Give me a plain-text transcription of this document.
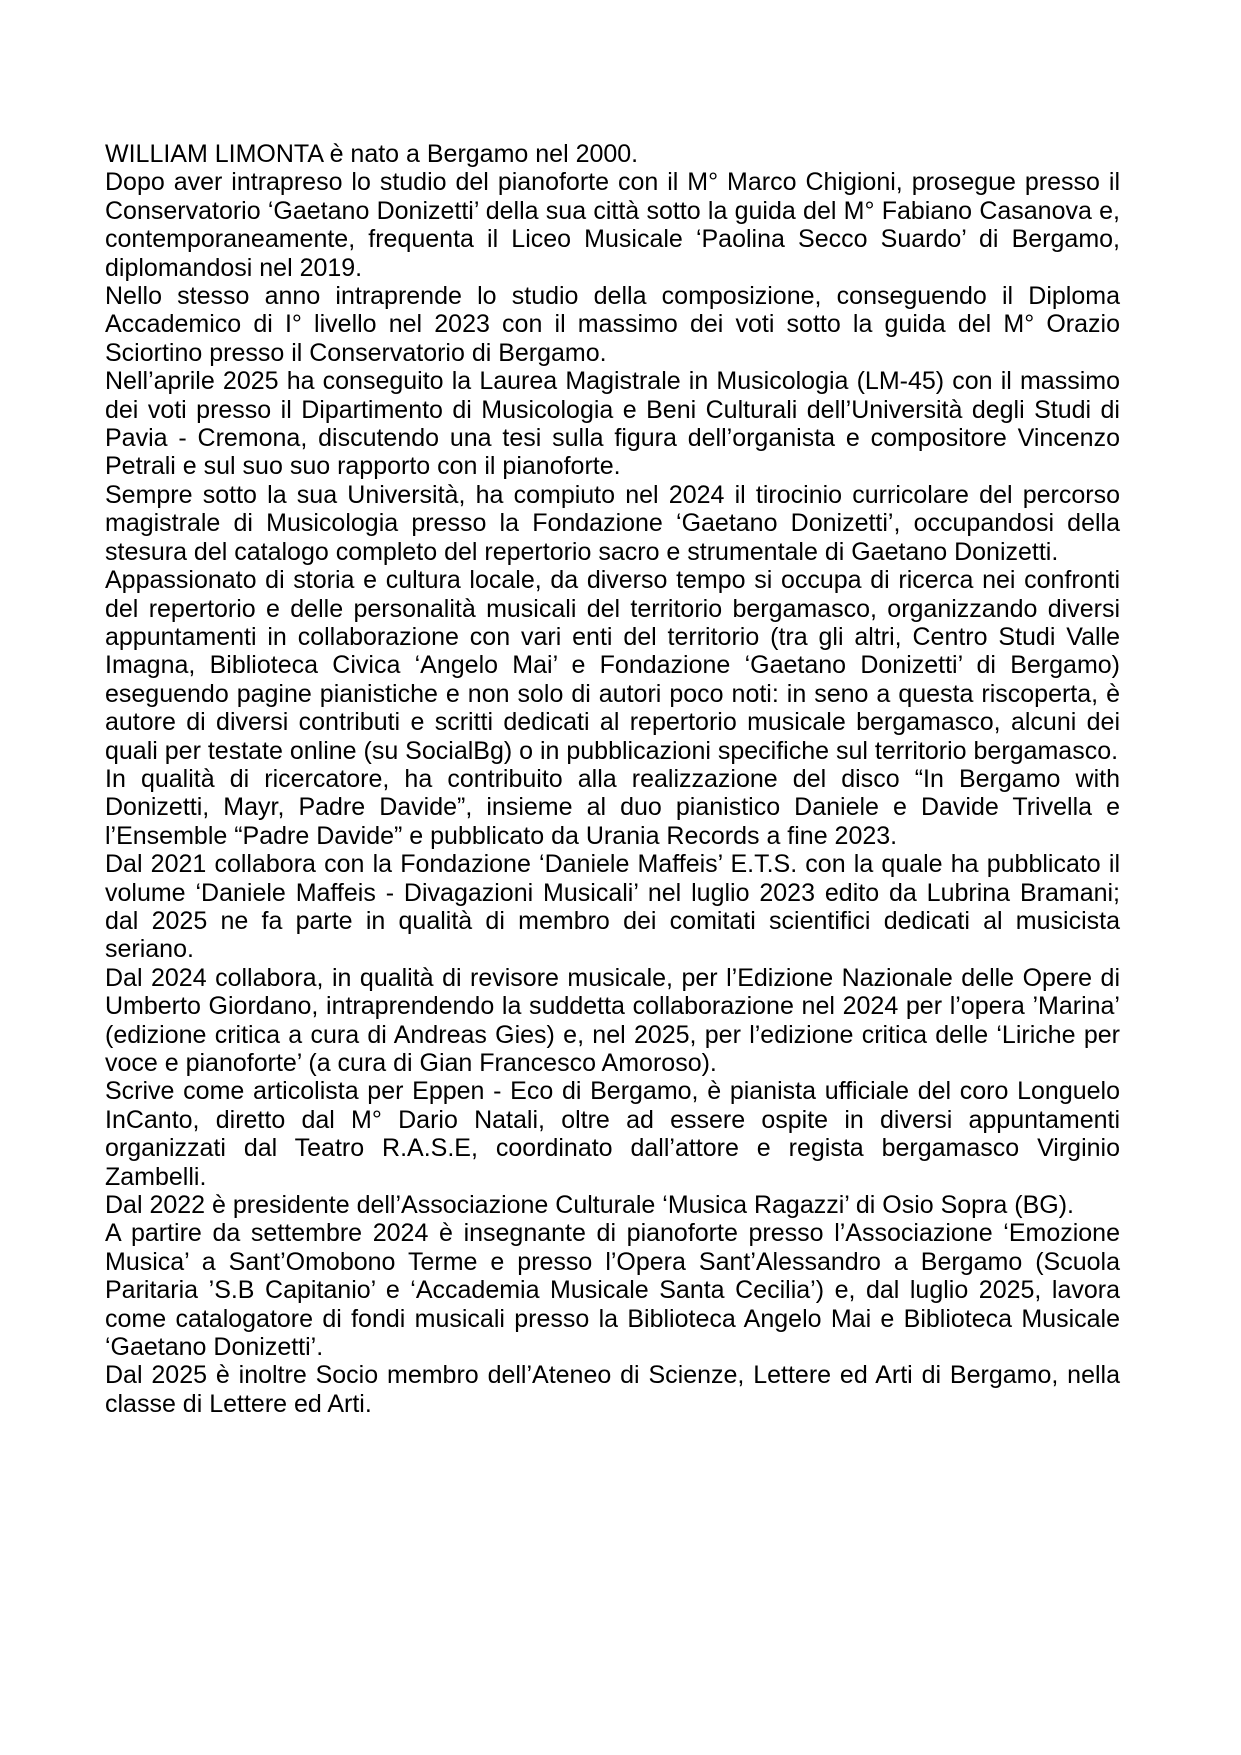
WILLIAM LIMONTA è nato a Bergamo nel 2000.

Dopo aver intrapreso lo studio del pianoforte con il M° Marco Chigioni, prosegue presso il Conservatorio ‘Gaetano Donizetti’ della sua città sotto la guida del M° Fabiano Casanova e, contemporaneamente, frequenta il Liceo Musicale ‘Paolina Secco Suardo’ di Bergamo, diplomandosi nel 2019.

Nello stesso anno intraprende lo studio della composizione, conseguendo il Diploma Accademico di I° livello nel 2023 con il massimo dei voti sotto la guida del M° Orazio Sciortino presso il Conservatorio di Bergamo.

Nell’aprile 2025 ha conseguito la Laurea Magistrale in Musicologia (LM-45) con il massimo dei voti presso il Dipartimento di Musicologia e Beni Culturali dell’Università degli Studi di Pavia - Cremona, discutendo una tesi sulla figura dell’organista e compositore Vincenzo Petrali e sul suo suo rapporto con il pianoforte.

Sempre sotto la sua Università, ha compiuto nel 2024 il tirocinio curricolare del percorso magistrale di Musicologia presso la Fondazione ‘Gaetano Donizetti’, occupandosi della stesura del catalogo completo del repertorio sacro e strumentale di Gaetano Donizetti.

Appassionato di storia e cultura locale, da diverso tempo si occupa di ricerca nei confronti del repertorio e delle personalità musicali del territorio bergamasco, organizzando diversi appuntamenti in collaborazione con vari enti del territorio (tra gli altri, Centro Studi Valle Imagna, Biblioteca Civica ‘Angelo Mai’ e Fondazione ‘Gaetano Donizetti’ di Bergamo) eseguendo pagine pianistiche e non solo di autori poco noti: in seno a questa riscoperta, è autore di diversi contributi e scritti dedicati al repertorio musicale bergamasco, alcuni dei quali per testate online (su SocialBg) o in pubblicazioni specifiche sul territorio bergamasco.

In qualità di ricercatore, ha contribuito alla realizzazione del disco “In Bergamo with Donizetti, Mayr, Padre Davide”, insieme al duo pianistico Daniele e Davide Trivella e l’Ensemble “Padre Davide” e pubblicato da Urania Records a fine 2023.

Dal 2021 collabora con la Fondazione ‘Daniele Maffeis’ E.T.S. con la quale ha pubblicato il volume ‘Daniele Maffeis - Divagazioni Musicali’ nel luglio 2023 edito da Lubrina Bramani; dal 2025 ne fa parte in qualità di membro dei comitati scientifici dedicati al musicista seriano.

Dal 2024 collabora, in qualità di revisore musicale, per l’Edizione Nazionale delle Opere di Umberto Giordano, intraprendendo la suddetta collaborazione nel 2024 per l’opera ’Marina’ (edizione critica a cura di Andreas Gies) e, nel 2025, per l’edizione critica delle ‘Liriche per voce e pianoforte’ (a cura di Gian Francesco Amoroso).

Scrive come articolista per Eppen - Eco di Bergamo, è pianista ufficiale del coro Longuelo InCanto, diretto dal M° Dario Natali, oltre ad essere ospite in diversi appuntamenti organizzati dal Teatro R.A.S.E, coordinato dall’attore e regista bergamasco Virginio Zambelli.

Dal 2022 è presidente dell’Associazione Culturale ‘Musica Ragazzi’ di Osio Sopra (BG).

A partire da settembre 2024 è insegnante di pianoforte presso l’Associazione ‘Emozione Musica’ a Sant’Omobono Terme e presso l’Opera Sant’Alessandro a Bergamo (Scuola Paritaria ’S.B Capitanio’ e ‘Accademia Musicale Santa Cecilia’) e, dal luglio 2025, lavora come catalogatore di fondi musicali presso la Biblioteca Angelo Mai e Biblioteca Musicale ‘Gaetano Donizetti’.

Dal 2025 è inoltre Socio membro dell’Ateneo di Scienze, Lettere ed Arti di Bergamo, nella classe di Lettere ed Arti.
